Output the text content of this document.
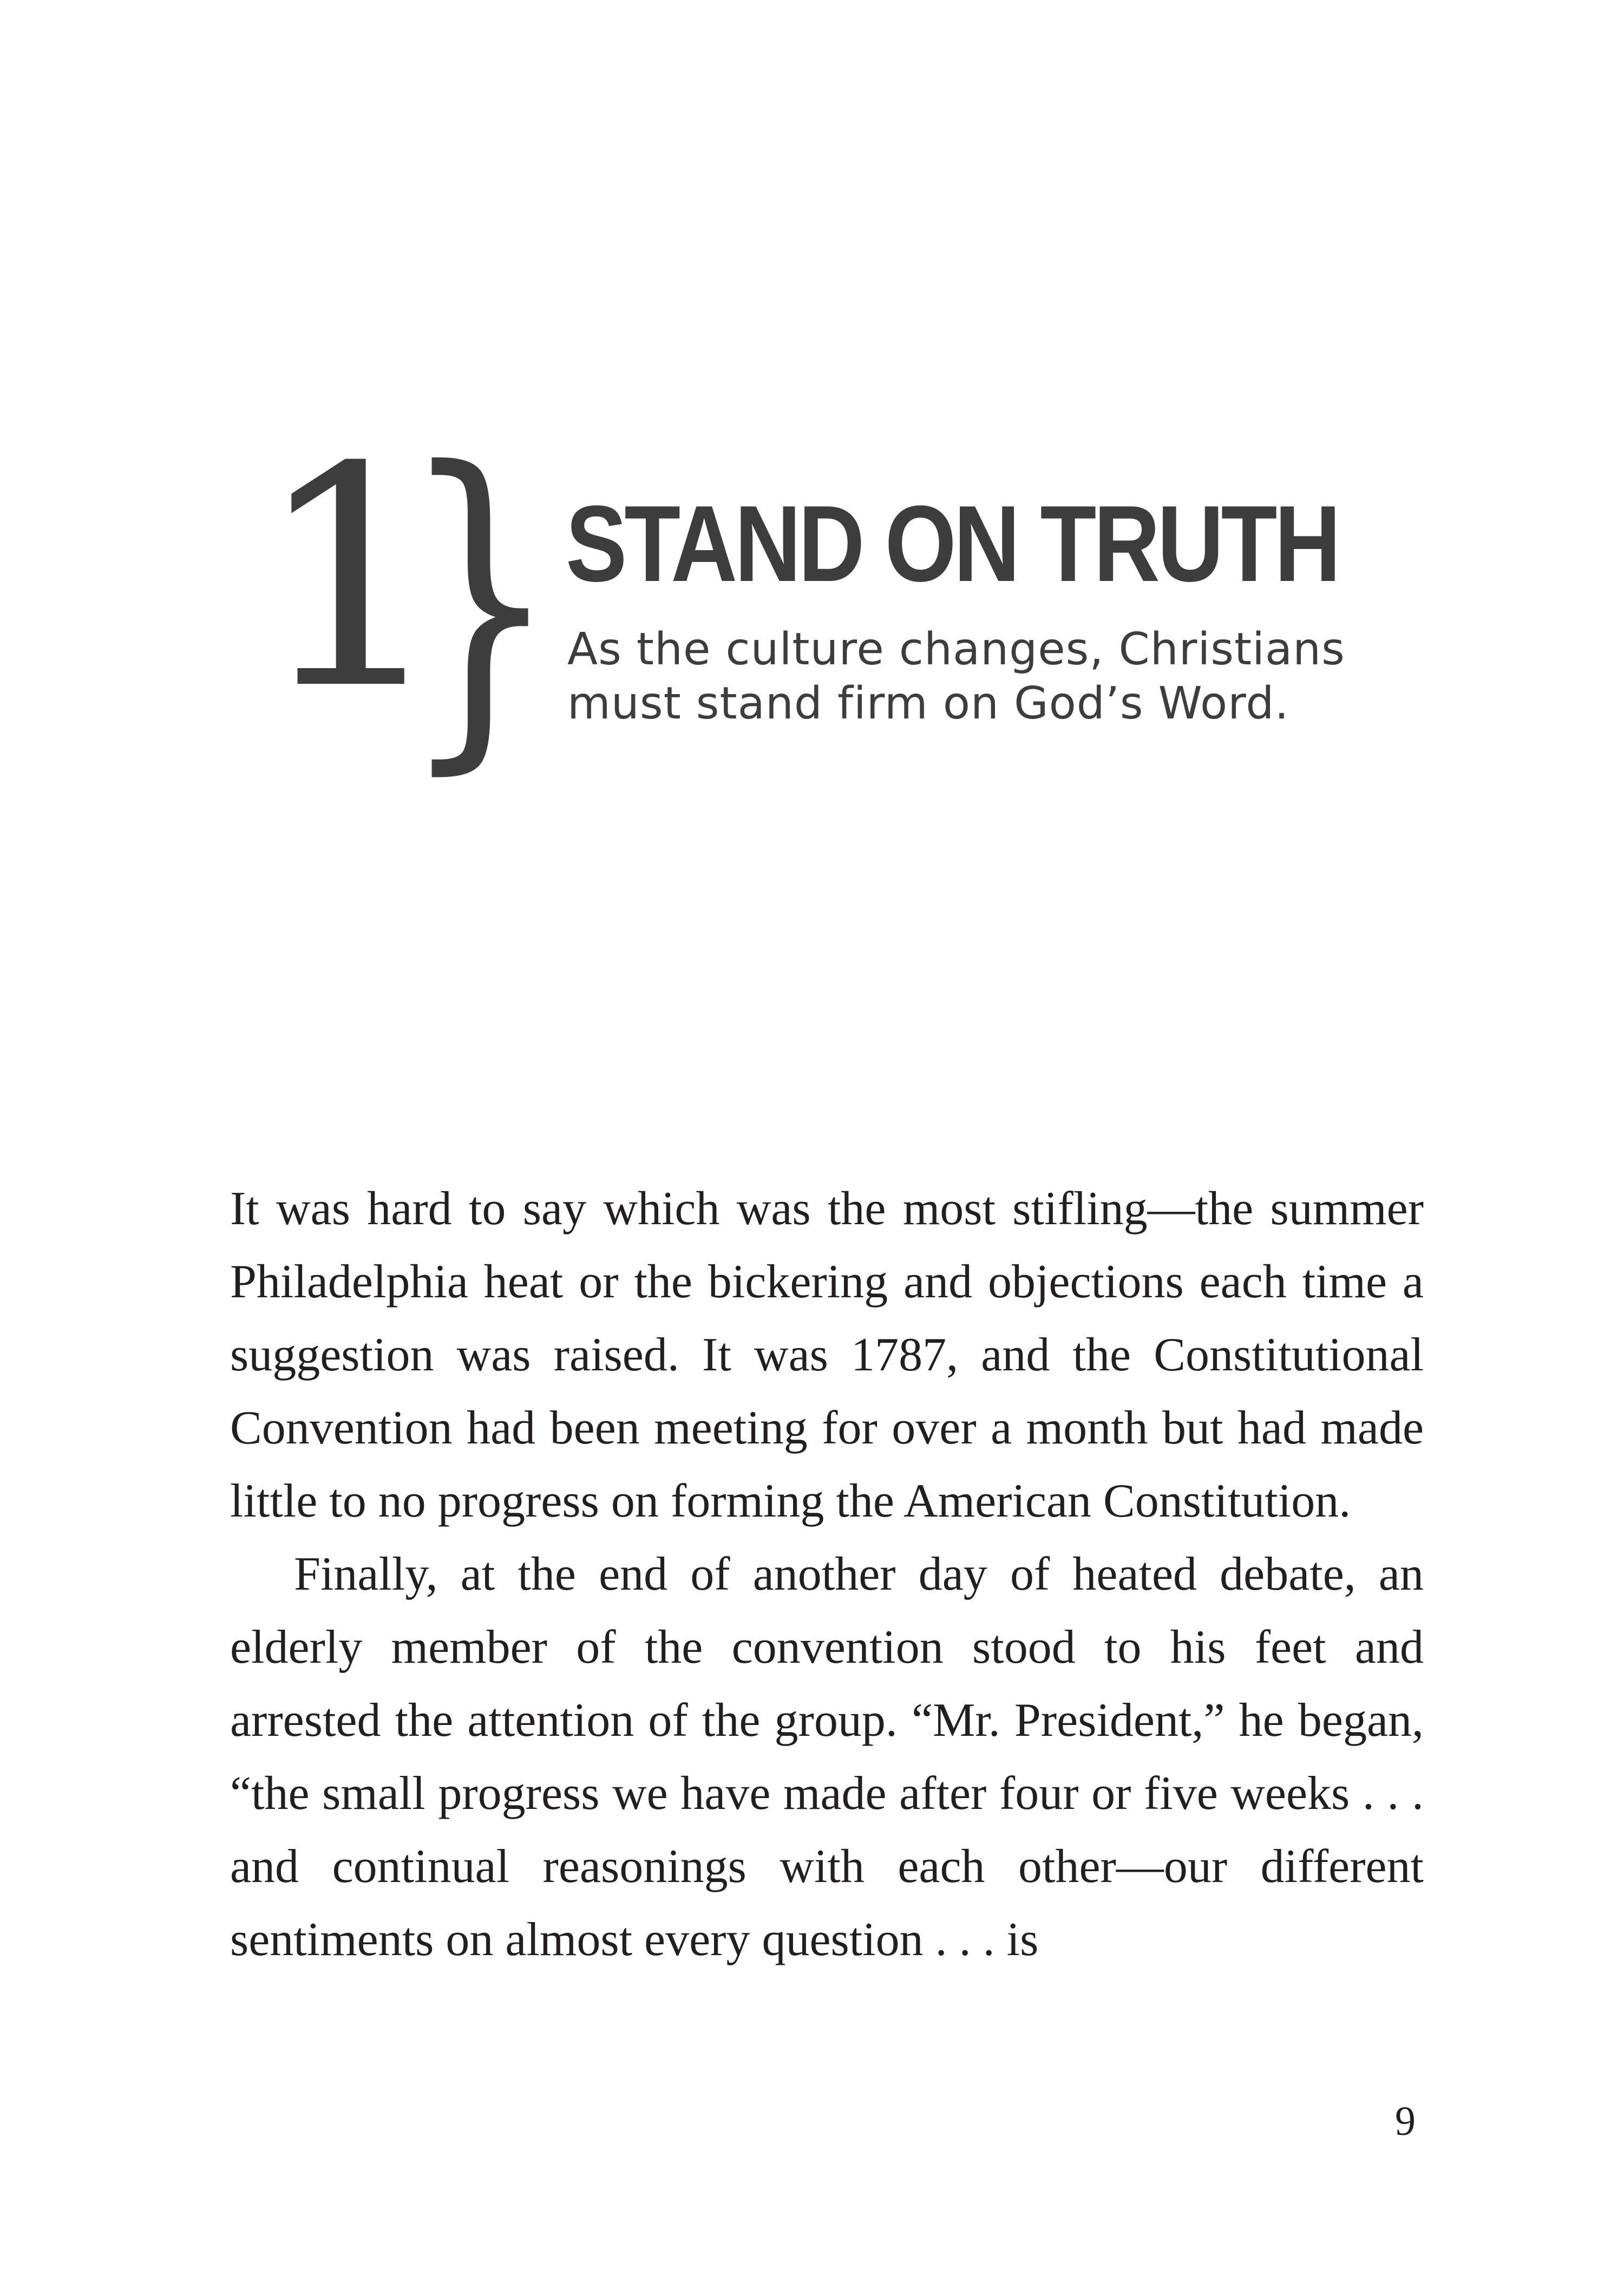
1
} STAND ON TRUTH
As the culture changes, Christians
must stand firm on God’s Word.

It was hard to say which was the most stifling—the summer Philadelphia heat or the bickering and objections each time a suggestion was raised. It was 1787, and the Constitutional Convention had been meeting for over a month but had made little to no progress on forming the American Constitution.

Finally, at the end of another day of heated debate, an elderly member of the convention stood to his feet and arrested the attention of the group. “Mr. President,” he began, “the small progress we have made after four or five weeks . . . and continual reasonings with each other—our different sentiments on almost every question . . . is

9
